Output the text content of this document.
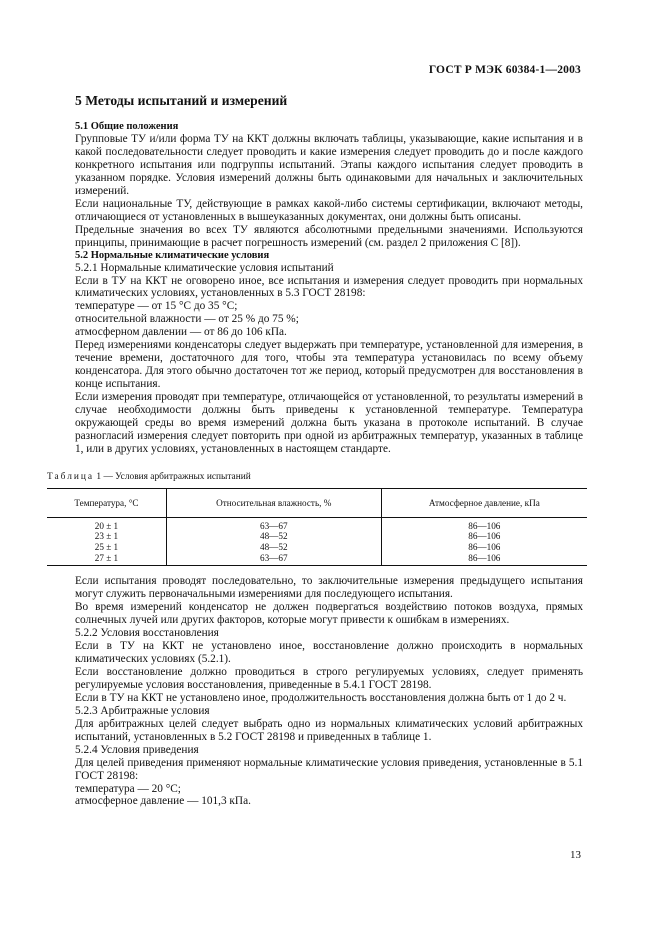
ГОСТ Р МЭК 60384-1—2003
5 Методы испытаний и измерений
5.1 Общие положения

Групповые ТУ и/или форма ТУ на ККТ должны включать таблицы, указывающие, какие испытания и в какой последовательности следует проводить и какие измерения следует проводить до и после каждого конкретного испытания или подгруппы испытаний. Этапы каждого испытания следует проводить в указанном порядке. Условия измерений должны быть одинаковыми для начальных и заключительных измерений.

Если национальные ТУ, действующие в рамках какой-либо системы сертификации, включают методы, отличающиеся от установленных в вышеуказанных документах, они должны быть описаны.

Предельные значения во всех ТУ являются абсолютными предельными значениями. Используются принципы, принимающие в расчет погрешность измерений (см. раздел 2 приложения С [8]).

5.2 Нормальные климатические условия

5.2.1 Нормальные климатические условия испытаний

Если в ТУ на ККТ не оговорено иное, все испытания и измерения следует проводить при нормальных климатических условиях, установленных в 5.3 ГОСТ 28198:

температуре — от 15 °С до 35 °С;

относительной влажности — от 25 % до 75 %;

атмосферном давлении — от 86 до 106 кПа.

Перед измерениями конденсаторы следует выдержать при температуре, установленной для измерения, в течение времени, достаточного для того, чтобы эта температура установилась по всему объему конденсатора. Для этого обычно достаточен тот же период, который предусмотрен для восстановления в конце испытания.

Если измерения проводят при температуре, отличающейся от установленной, то результаты измерений в случае необходимости должны быть приведены к установленной температуре. Температура окружающей среды во время измерений должна быть указана в протоколе испытаний. В случае разногласий измерения следует повторить при одной из арбитражных температур, указанных в таблице 1, или в других условиях, установленных в настоящем стандарте.

Таблица 1 — Условия арбитражных испытаний
Температура, °С	Относительная влажность, %	Атмосферное давление, кПа
20 ± 1	63—67	86—106
23 ± 1	48—52	86—106
25 ± 1	48—52	86—106
27 ± 1	63—67	86—106

Если испытания проводят последовательно, то заключительные измерения предыдущего испытания могут служить первоначальными измерениями для последующего испытания.

Во время измерений конденсатор не должен подвергаться воздействию потоков воздуха, прямых солнечных лучей или других факторов, которые могут привести к ошибкам в измерениях.

5.2.2 Условия восстановления

Если в ТУ на ККТ не установлено иное, восстановление должно происходить в нормальных климатических условиях (5.2.1).

Если восстановление должно проводиться в строго регулируемых условиях, следует применять регулируемые условия восстановления, приведенные в 5.4.1 ГОСТ 28198.

Если в ТУ на ККТ не установлено иное, продолжительность восстановления должна быть от 1 до 2 ч.

5.2.3 Арбитражные условия

Для арбитражных целей следует выбрать одно из нормальных климатических условий арбитражных испытаний, установленных в 5.2 ГОСТ 28198 и приведенных в таблице 1.

5.2.4 Условия приведения

Для целей приведения применяют нормальные климатические условия приведения, установленные в 5.1 ГОСТ 28198:

температура — 20 °С;

атмосферное давление — 101,3 кПа.

13
